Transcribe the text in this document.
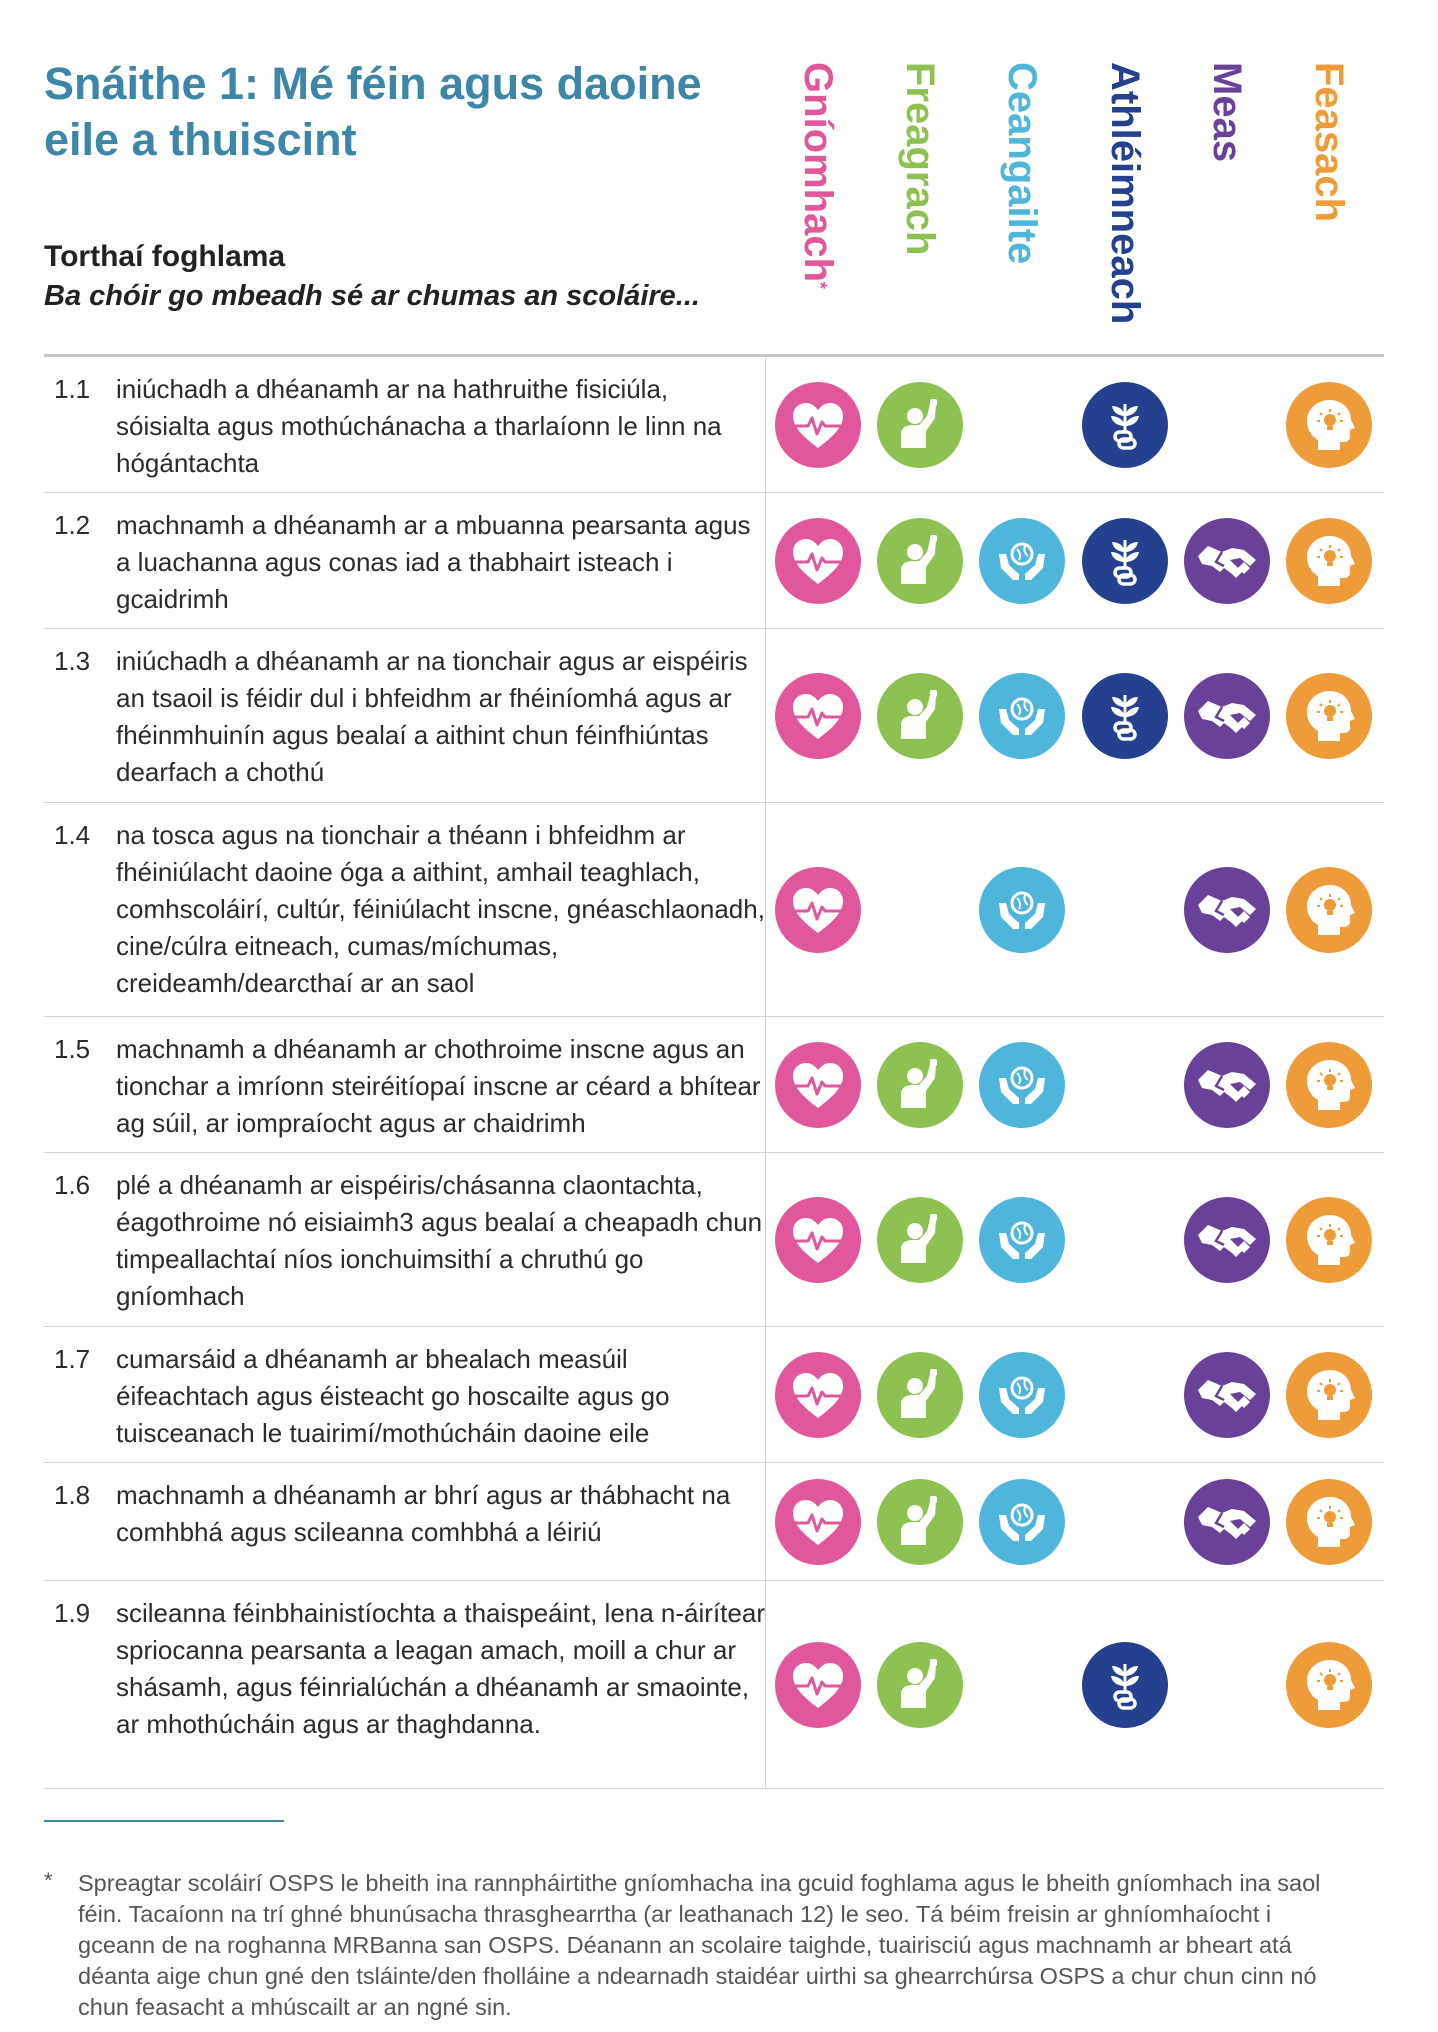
Snáithe 1: Mé féin agus daoine eile a thuiscint
Torthaí foghlama
Ba chóir go mbeadh sé ar chumas an scoláire...
Gníomhach*
Freagrach Ceangailte Athléimneach Meas Feasach
1.1 iniúchadh a dhéanamh ar na hathruithe fisiciúla, sóisialta agus mothúchánacha a tharlaíonn le linn na hógántachta
1.2 machnamh a dhéanamh ar a mbuanna pearsanta agus a luachanna agus conas iad a thabhairt isteach i gcaidrimh
1.3 iniúchadh a dhéanamh ar na tionchair agus ar eispéiris an tsaoil is féidir dul i bhfeidhm ar fhéiníomhá agus ar fhéinmhuinín agus bealaí a aithint chun féinfhiúntas dearfach a chothú
1.4 na tosca agus na tionchair a théann i bhfeidhm ar fhéiniúlacht daoine óga a aithint, amhail teaghlach, comhscoláirí, cultúr, féiniúlacht inscne, gnéaschlaonadh, cine/cúlra eitneach, cumas/míchumas, creideamh/dearcthaí ar an saol
1.5 machnamh a dhéanamh ar chothroime inscne agus an tionchar a imríonn steiréitíopaí inscne ar céard a bhítear ag súil, ar iompraíocht agus ar chaidrimh
1.6 plé a dhéanamh ar eispéiris/chásanna claontachta, éagothroime nó eisiaimh3 agus bealaí a cheapadh chun timpeallachtaí níos ionchuimsithí a chruthú go gníomhach
1.7 cumarsáid a dhéanamh ar bhealach measúil éifeachtach agus éisteacht go hoscailte agus go tuisceanach le tuairimí/mothúcháin daoine eile
1.8 machnamh a dhéanamh ar bhrí agus ar thábhacht na comhbhá agus scileanna comhbhá a léiriú
1.9 scileanna féinbhainistíochta a thaispeáint, lena n-áirítear spriocanna pearsanta a leagan amach, moill a chur ar shásamh, agus féinrialúchán a dhéanamh ar smaointe, ar mhothúcháin agus ar thaghdanna.
* Spreagtar scoláirí OSPS le bheith ina rannpháirtithe gníomhacha ina gcuid foghlama agus le bheith gníomhach ina saol féin. Tacaíonn na trí ghné bhunúsacha thrasghearrtha (ar leathanach 12) le seo. Tá béim freisin ar ghníomhaíocht i gceann de na roghanna MRBanna san OSPS. Déanann an scolaire taighde, tuairisciú agus machnamh ar bheart atá déanta aige chun gné den tsláinte/den fholláine a ndearnadh staidéar uirthi sa ghearrchúrsa OSPS a chur chun cinn nó chun feasacht a mhúscailt ar an ngné sin.
